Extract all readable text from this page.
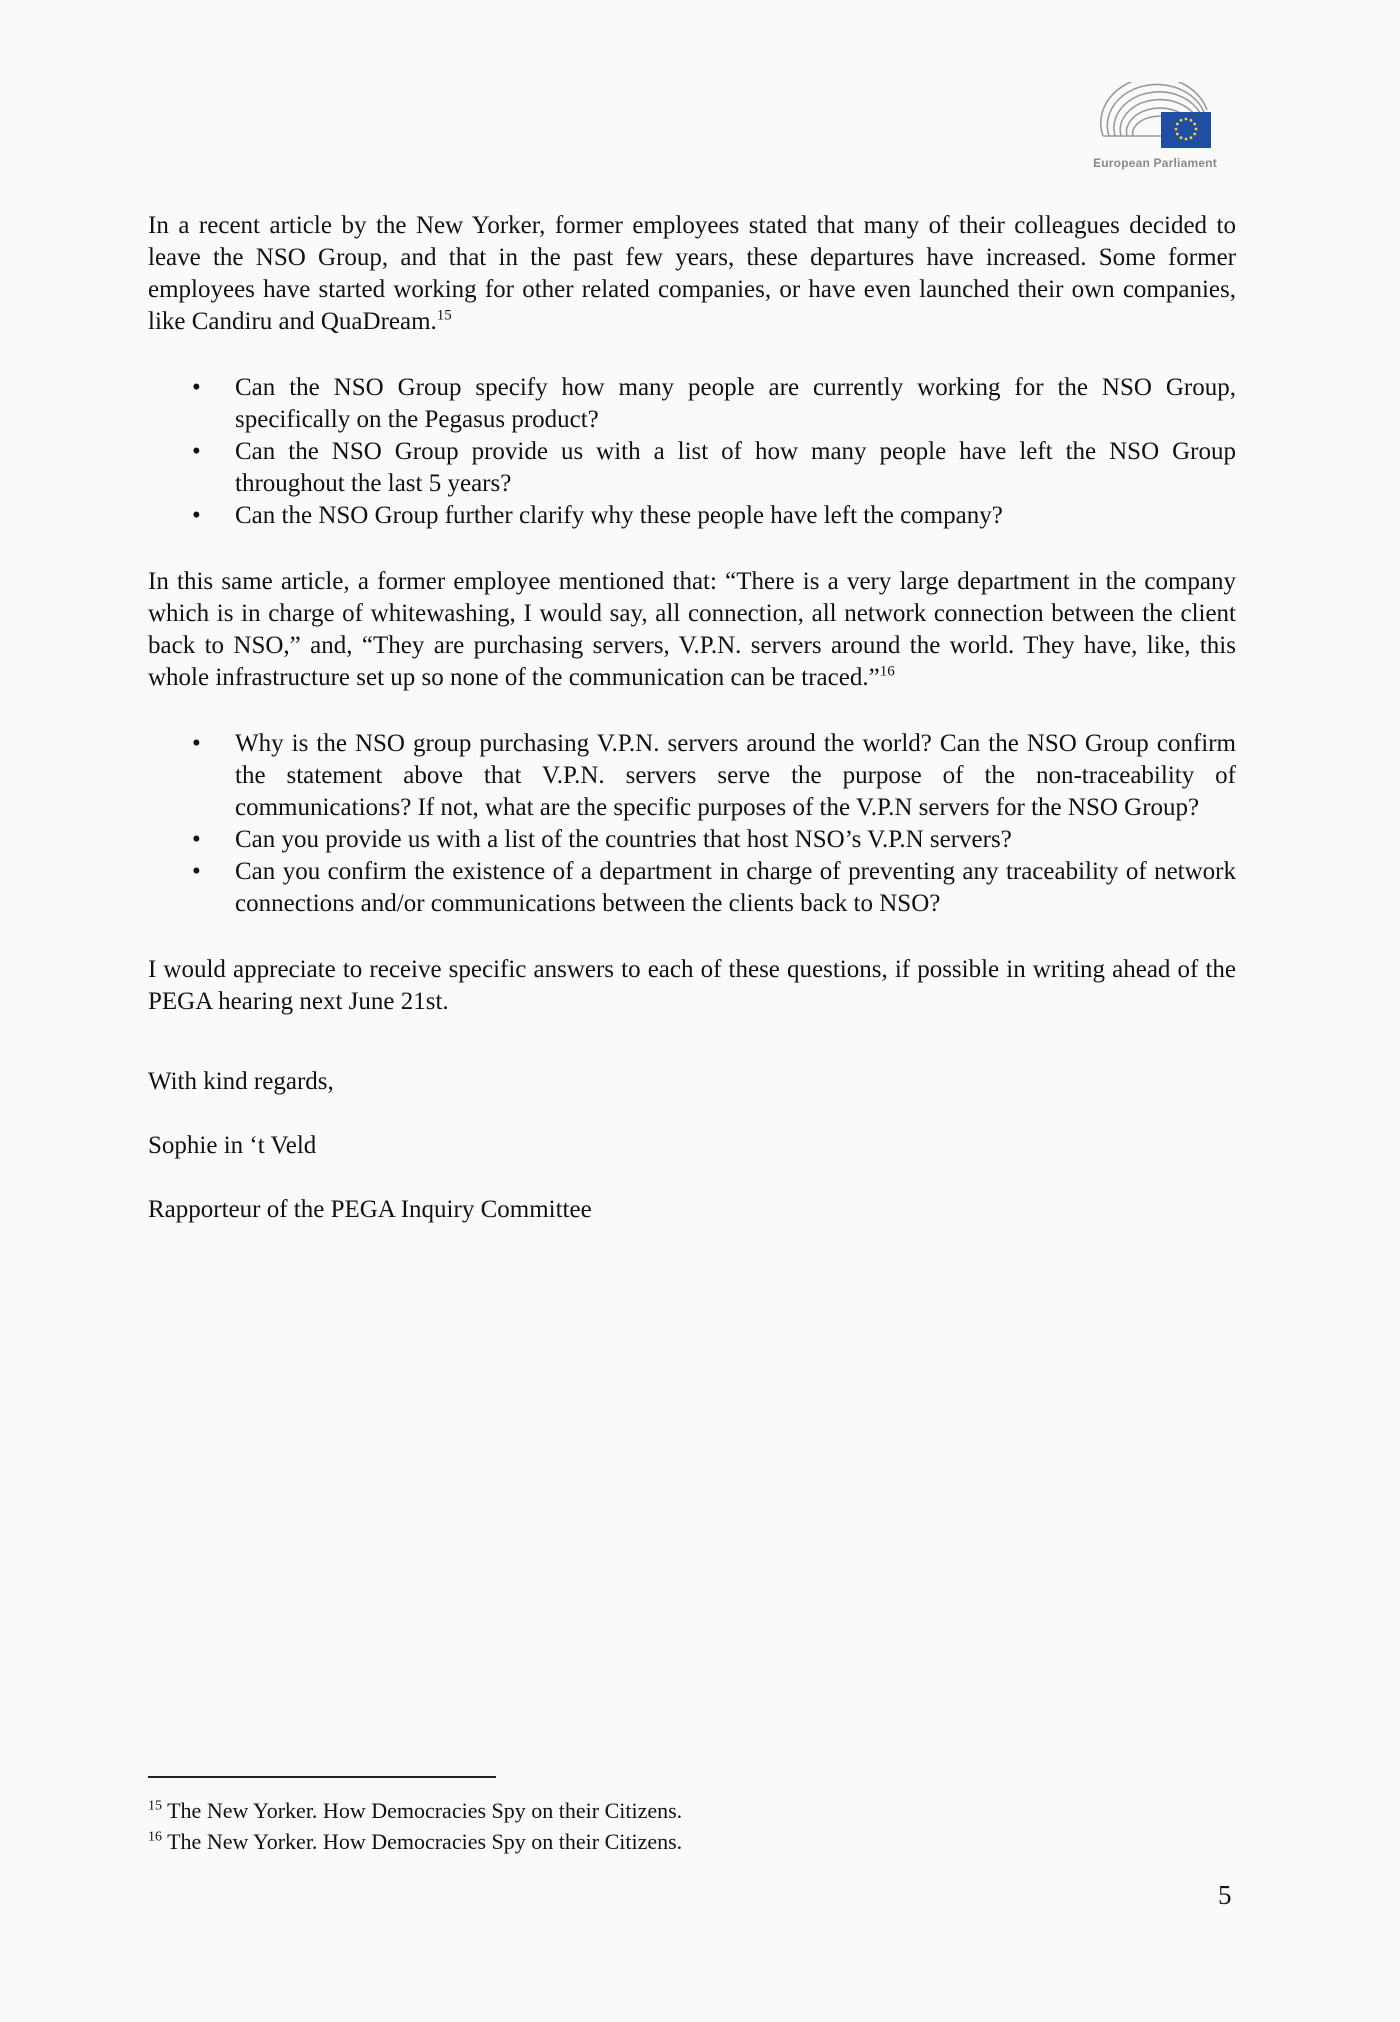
European Parliament

In a recent article by the New Yorker, former employees stated that many of their colleagues decided to leave the NSO Group, and that in the past few years, these departures have increased. Some former employees have started working for other related companies, or have even launched their own companies, like Candiru and QuaDream.$^{15}$

• Can the NSO Group specify how many people are currently working for the NSO Group, specifically on the Pegasus product?
• Can the NSO Group provide us with a list of how many people have left the NSO Group throughout the last 5 years?
• Can the NSO Group further clarify why these people have left the company?

In this same article, a former employee mentioned that: “There is a very large department in the company which is in charge of whitewashing, I would say, all connection, all network connection between the client back to NSO,” and, “They are purchasing servers, V.P.N. servers around the world. They have, like, this whole infrastructure set up so none of the communication can be traced.”$^{16}$

• Why is the NSO group purchasing V.P.N. servers around the world? Can the NSO Group confirm the statement above that V.P.N. servers serve the purpose of the non-traceability of communications? If not, what are the specific purposes of the V.P.N servers for the NSO Group?
• Can you provide us with a list of the countries that host NSO’s V.P.N servers?
• Can you confirm the existence of a department in charge of preventing any traceability of network connections and/or communications between the clients back to NSO?

I would appreciate to receive specific answers to each of these questions, if possible in writing ahead of the PEGA hearing next June 21st.

With kind regards,

Sophie in ‘t Veld

Rapporteur of the PEGA Inquiry Committee

$^{15}$ The New Yorker. How Democracies Spy on their Citizens.
$^{16}$ The New Yorker. How Democracies Spy on their Citizens.
5
